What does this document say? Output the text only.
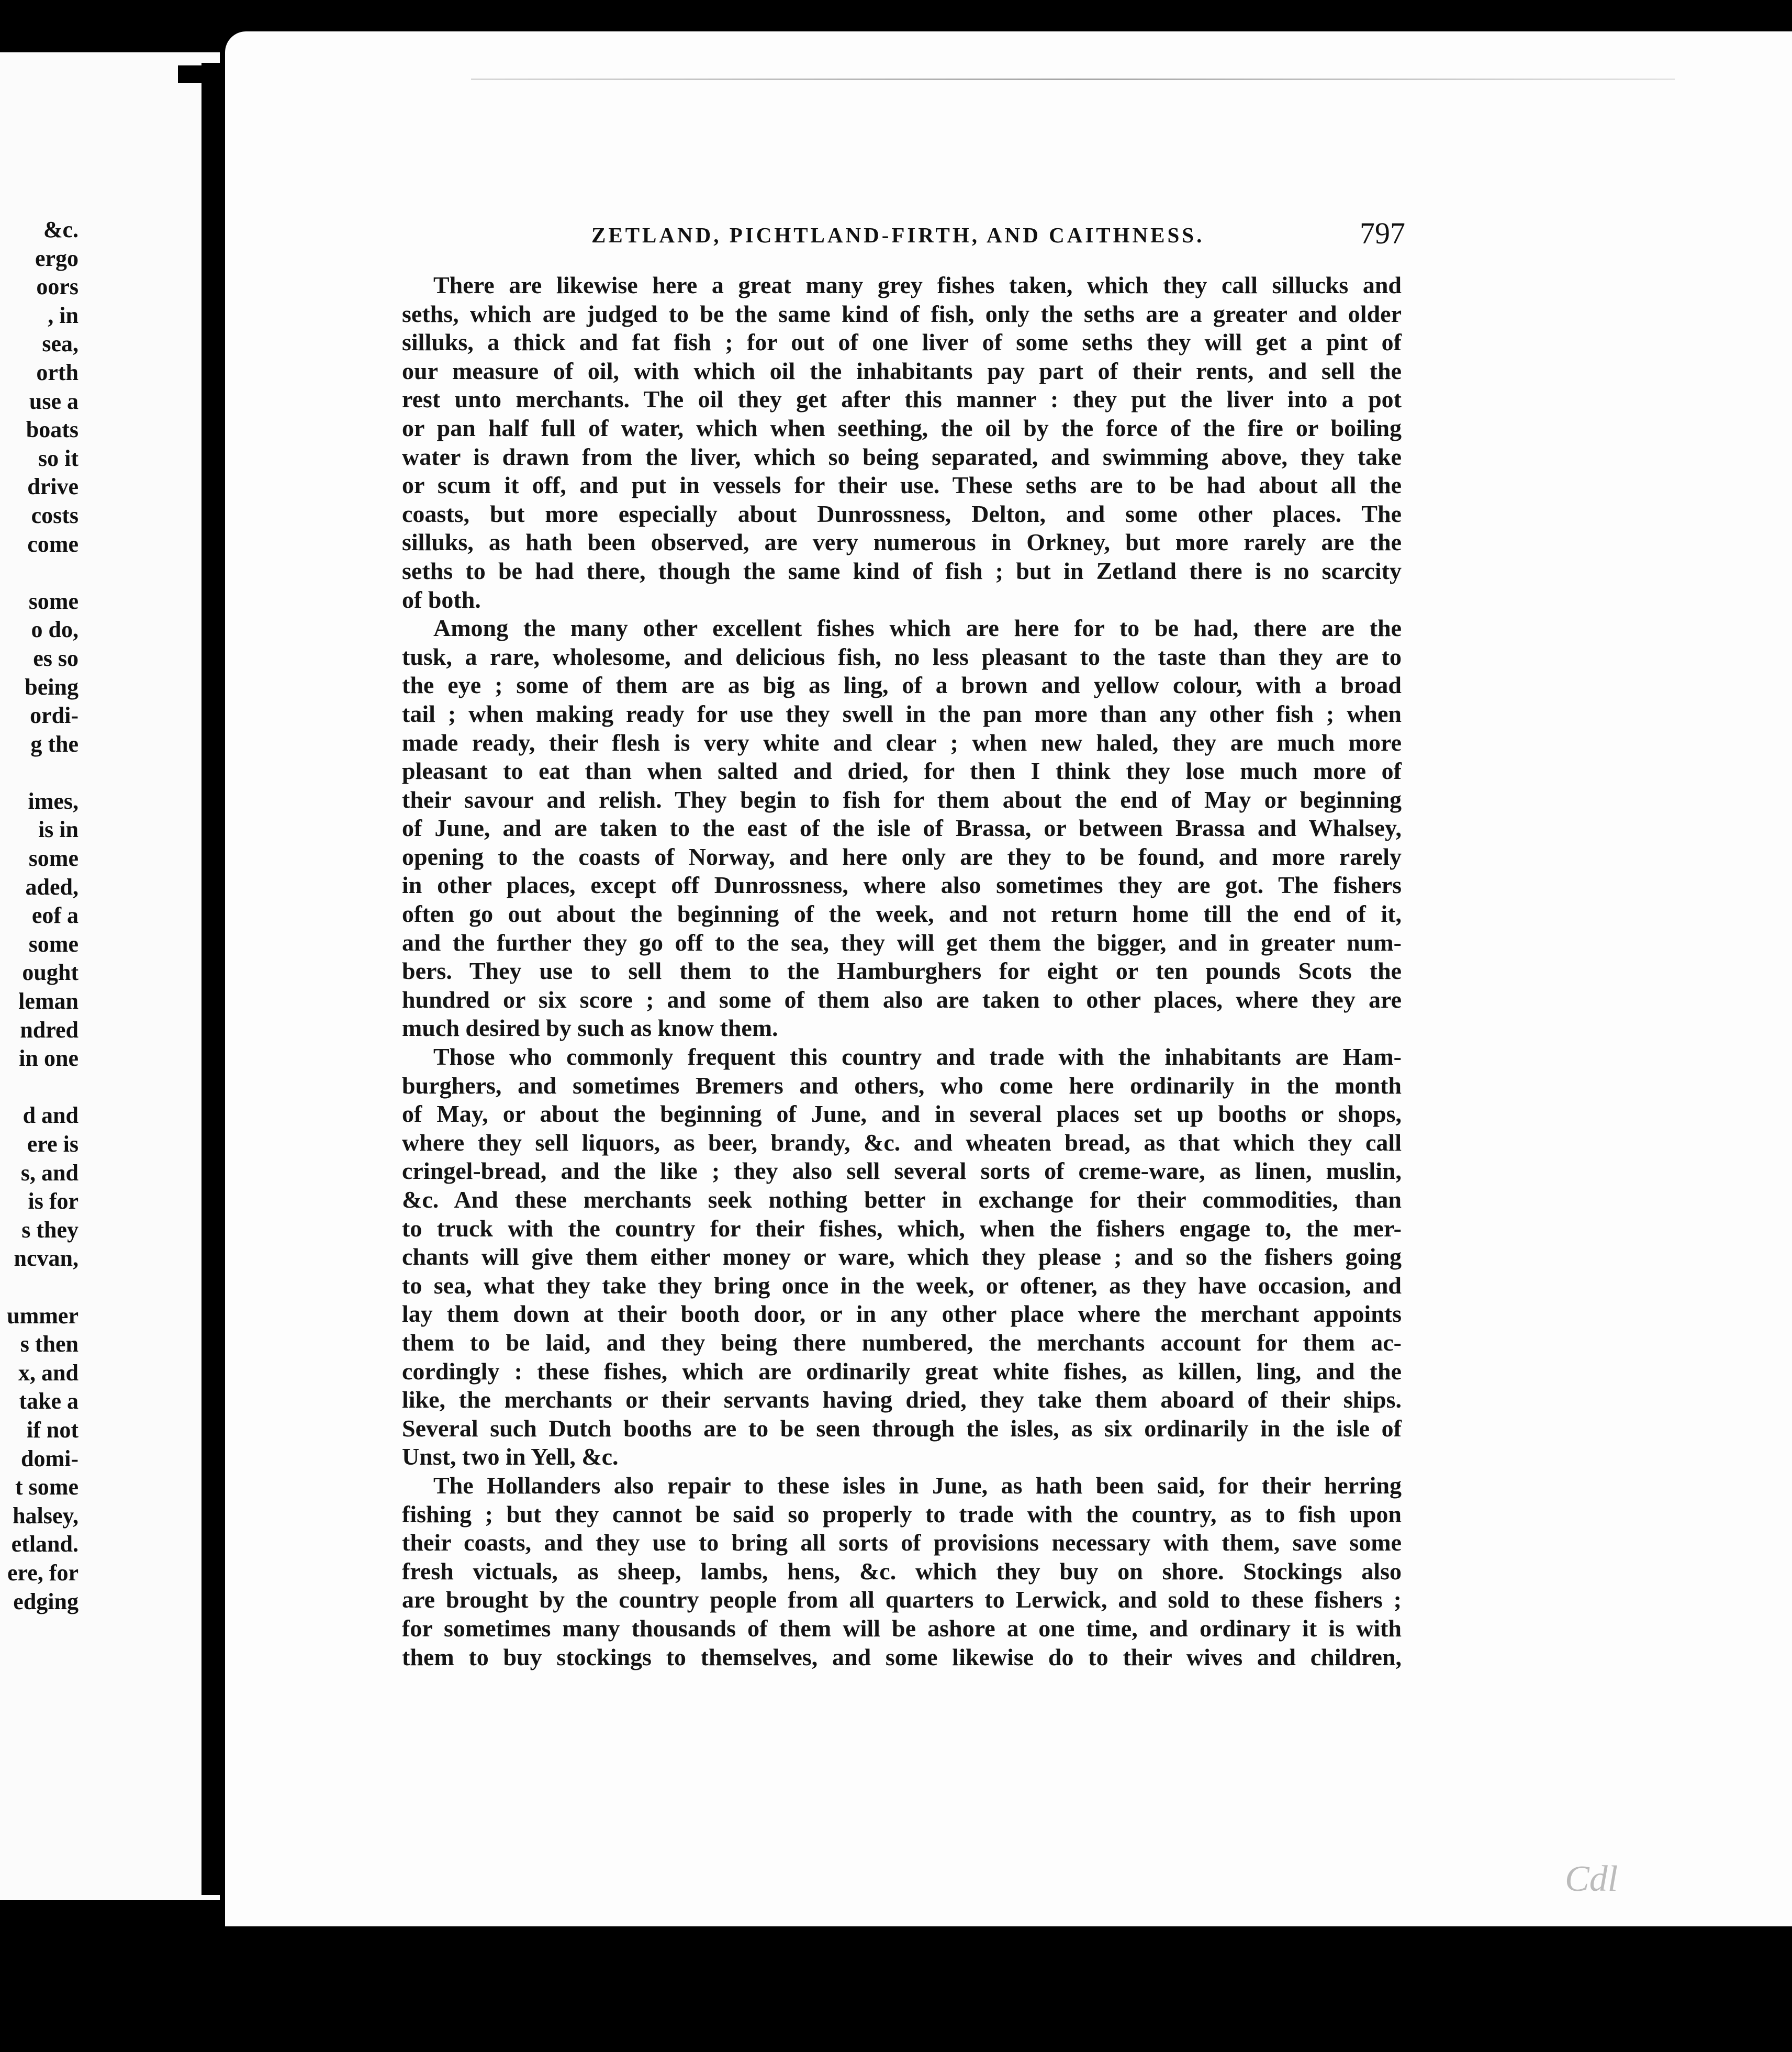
&c.
ergo
oors
, in
sea,
orth
use a
boats
so it
drive
costs
come
some
o do,
es so
being
ordi-
g the
imes,
is in
some
aded,
eof a
some
ought
leman
ndred
in one
d and
ere is
s, and
is for
s they
ncvan,
ummer
s then
x, and
take a
if not
domi-
t some
halsey,
etland.
ere, for
edging
ZETLAND, PICHTLAND-FIRTH, AND CAITHNESS.	797
There are likewise here a great many grey fishes taken, which they call sillucks and
seths, which are judged to be the same kind of fish, only the seths are a greater and older
silluks, a thick and fat fish ; for out of one liver of some seths they will get a pint of
our measure of oil, with which oil the inhabitants pay part of their rents, and sell the
rest unto merchants. The oil they get after this manner : they put the liver into a pot
or pan half full of water, which when seething, the oil by the force of the fire or boiling
water is drawn from the liver, which so being separated, and swimming above, they take
or scum it off, and put in vessels for their use. These seths are to be had about all the
coasts, but more especially about Dunrossness, Delton, and some other places. The
silluks, as hath been observed, are very numerous in Orkney, but more rarely are the
seths to be had there, though the same kind of fish ; but in Zetland there is no scarcity
of both.
Among the many other excellent fishes which are here for to be had, there are the
tusk, a rare, wholesome, and delicious fish, no less pleasant to the taste than they are to
the eye ; some of them are as big as ling, of a brown and yellow colour, with a broad
tail ; when making ready for use they swell in the pan more than any other fish ; when
made ready, their flesh is very white and clear ; when new haled, they are much more
pleasant to eat than when salted and dried, for then I think they lose much more of
their savour and relish. They begin to fish for them about the end of May or beginning
of June, and are taken to the east of the isle of Brassa, or between Brassa and Whalsey,
opening to the coasts of Norway, and here only are they to be found, and more rarely
in other places, except off Dunrossness, where also sometimes they are got. The fishers
often go out about the beginning of the week, and not return home till the end of it,
and the further they go off to the sea, they will get them the bigger, and in greater num-
bers. They use to sell them to the Hamburghers for eight or ten pounds Scots the
hundred or six score ; and some of them also are taken to other places, where they are
much desired by such as know them.
Those who commonly frequent this country and trade with the inhabitants are Ham-
burghers, and sometimes Bremers and others, who come here ordinarily in the month
of May, or about the beginning of June, and in several places set up booths or shops,
where they sell liquors, as beer, brandy, &c. and wheaten bread, as that which they call
cringel-bread, and the like ; they also sell several sorts of creme-ware, as linen, muslin,
&c. And these merchants seek nothing better in exchange for their commodities, than
to truck with the country for their fishes, which, when the fishers engage to, the mer-
chants will give them either money or ware, which they please ; and so the fishers going
to sea, what they take they bring once in the week, or oftener, as they have occasion, and
lay them down at their booth door, or in any other place where the merchant appoints
them to be laid, and they being there numbered, the merchants account for them ac-
cordingly : these fishes, which are ordinarily great white fishes, as killen, ling, and the
like, the merchants or their servants having dried, they take them aboard of their ships.
Several such Dutch booths are to be seen through the isles, as six ordinarily in the isle of
Unst, two in Yell, &c.
The Hollanders also repair to these isles in June, as hath been said, for their herring
fishing ; but they cannot be said so properly to trade with the country, as to fish upon
their coasts, and they use to bring all sorts of provisions necessary with them, save some
fresh victuals, as sheep, lambs, hens, &c. which they buy on shore. Stockings also
are brought by the country people from all quarters to Lerwick, and sold to these fishers ;
for sometimes many thousands of them will be ashore at one time, and ordinary it is with
them to buy stockings to themselves, and some likewise do to their wives and children,
Cdl
